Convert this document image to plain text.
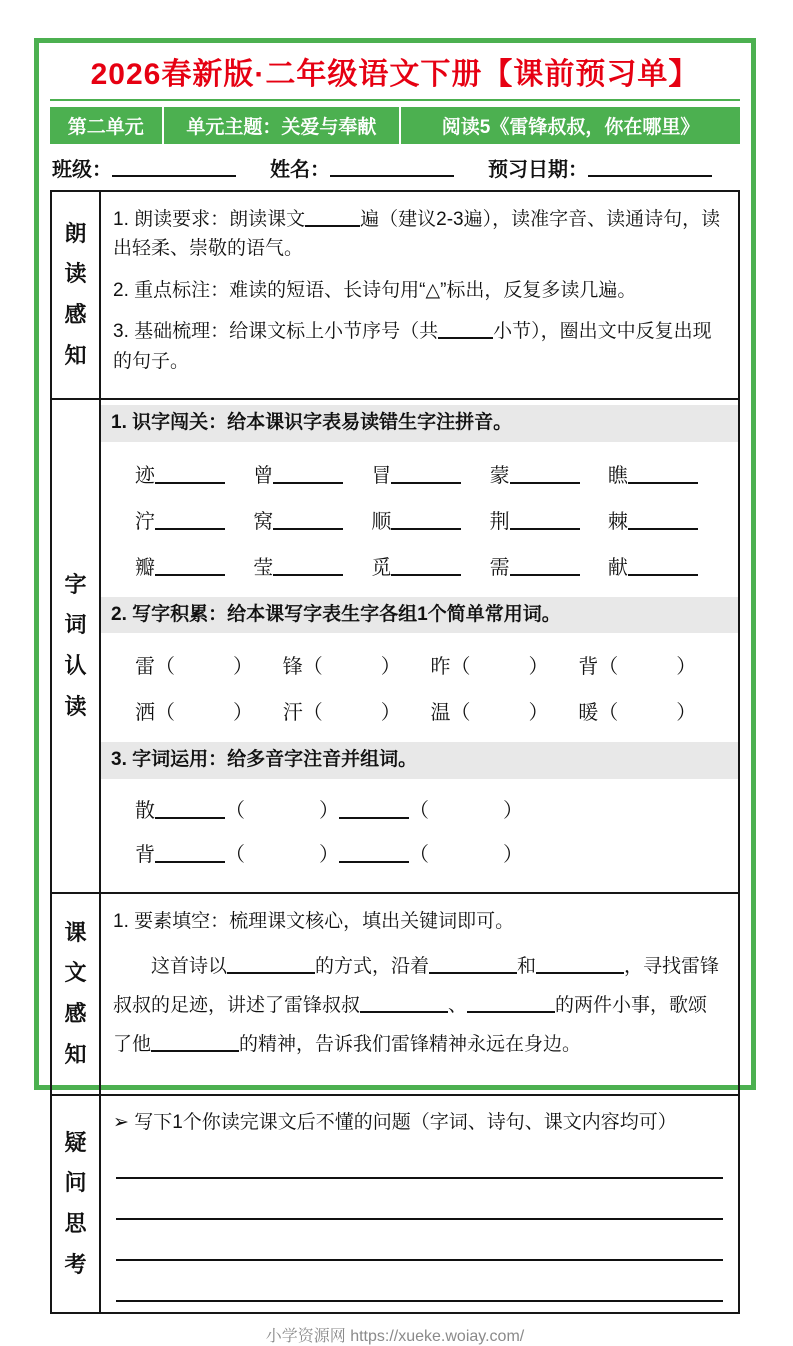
2026春新版·二年级语文下册【课前预习单】
第二单元	单元主题：关爱与奉献	阅读5《雷锋叔叔，你在哪里》
班级：	姓名：	预习日期：
朗读感知

1. 朗读要求：朗读课文	遍（建议2-3遍），读准字音、读通诗句，读出轻柔、崇敬的语气。

2. 重点标注：难读的短语、长诗句用“△”标出，反复多读几遍。

3. 基础梳理：给课文标上小节序号（共	小节），圈出文中反复出现的句子。

字词认读
1. 识字闯关：给本课识字表易读错生字注拼音。
迹	曾	冒	蒙	瞧
泞	窝	顺	荆	棘
瓣	莹	觅	需	献
2. 写字积累：给本课写字表生字各组1个简单常用词。
雷（	）	锋（	）	昨（	）	背（	）
洒（	）	汗（	）	温（	）	暖（	）
3. 字词运用：给多音字注音并组词。
散	（	）	（	）
背	（	）	（	）
课文感知

1. 要素填空：梳理课文核心，填出关键词即可。

这首诗以	的方式，沿着	和	，寻找雷锋叔叔的足迹，讲述了雷锋叔叔	、	的两件小事，歌颂了他	的精神，告诉我们雷锋精神永远在身边。

疑问思考

➢ 写下1个你读完课文后不懂的问题（字词、诗句、课文内容均可）

小学资源网 https://xueke.woiay.com/
